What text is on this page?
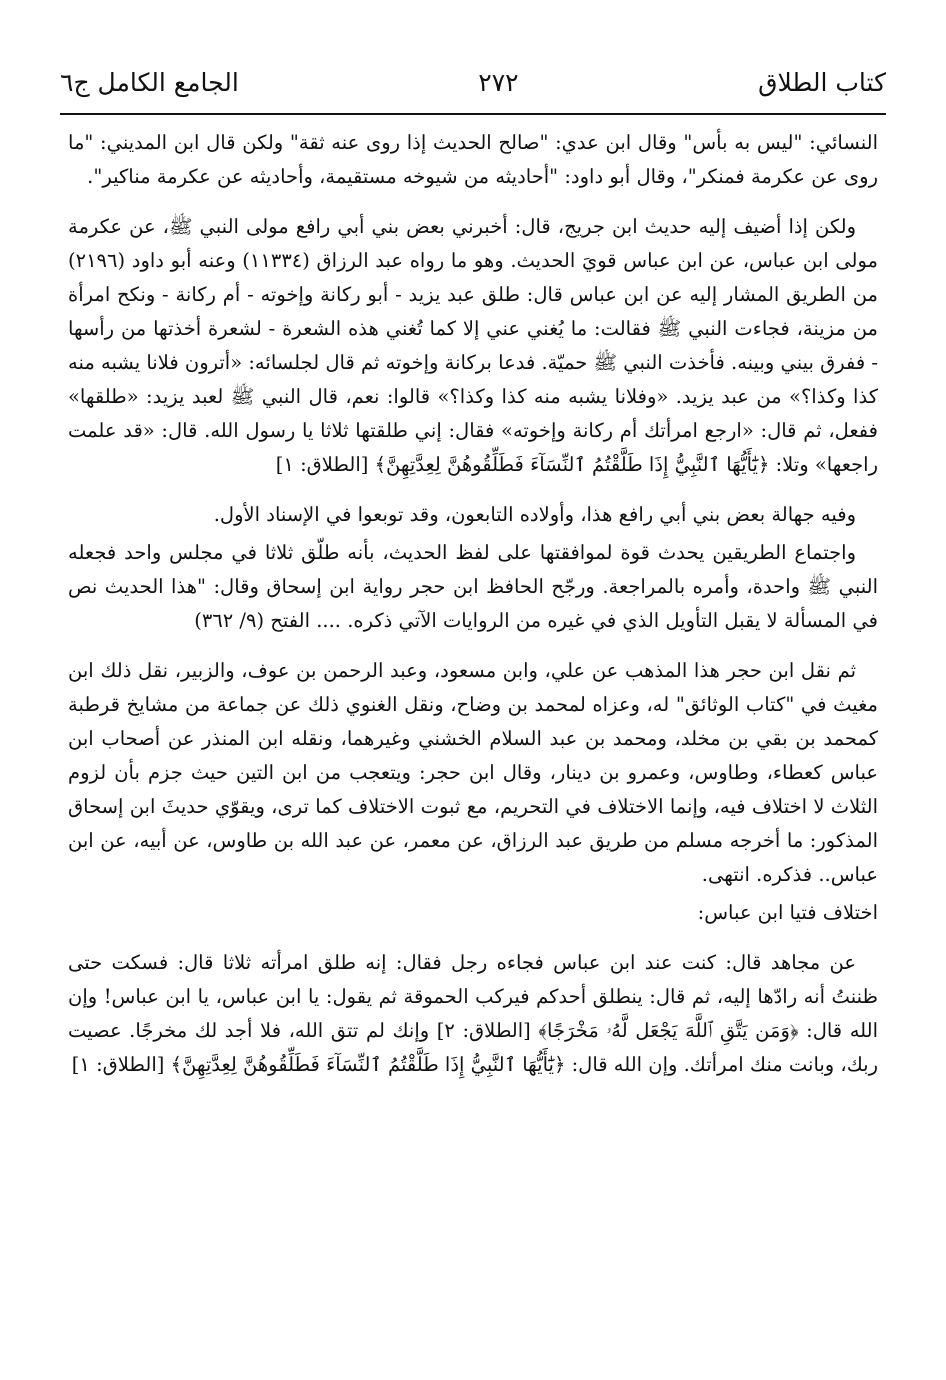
كتاب الطلاق
٢٧٢
الجامع الكامل ج٦

النسائي: "ليس به بأس" وقال ابن عدي: "صالح الحديث إذا روى عنه ثقة" ولكن قال ابن المديني: "ما روى عن عكرمة فمنكر"، وقال أبو داود: "أحاديثه من شيوخه مستقيمة، وأحاديثه عن عكرمة مناكير".

ولكن إذا أضيف إليه حديث ابن جريج، قال: أخبرني بعض بني أبي رافع مولى النبي ﷺ، عن عكرمة مولى ابن عباس، عن ابن عباس قويَ الحديث. وهو ما رواه عبد الرزاق (١١٣٣٤) وعنه أبو داود (٢١٩٦) من الطريق المشار إليه عن ابن عباس قال: طلق عبد يزيد - أبو ركانة وإخوته - أم ركانة - ونكح امرأة من مزينة، فجاءت النبي ﷺ فقالت: ما يُغني عني إلا كما تُغني هذه الشعرة - لشعرة أخذتها من رأسها - ففرق بيني وبينه. فأخذت النبي ﷺ حميّة. فدعا بركانة وإخوته ثم قال لجلسائه: «أترون فلانا يشبه منه كذا وكذا؟» من عبد يزيد. «وفلانا يشبه منه كذا وكذا؟» قالوا: نعم، قال النبي ﷺ لعبد يزيد: «طلقها» ففعل، ثم قال: «ارجع امرأتك أم ركانة وإخوته» فقال: إني طلقتها ثلاثا يا رسول الله. قال: «قد علمت راجعها» وتلا: ﴿يَٰٓأَيُّهَا ٱلنَّبِيُّ إِذَا طَلَّقْتُمُ ٱلنِّسَآءَ فَطَلِّقُوهُنَّ لِعِدَّتِهِنَّ﴾ [الطلاق: ١]

وفيه جهالة بعض بني أبي رافع هذا، وأولاده التابعون، وقد توبعوا في الإسناد الأول.

واجتماع الطريقين يحدث قوة لموافقتها على لفظ الحديث، بأنه طلّق ثلاثا في مجلس واحد فجعله النبي ﷺ واحدة، وأمره بالمراجعة. ورجّح الحافظ ابن حجر رواية ابن إسحاق وقال: "هذا الحديث نص في المسألة لا يقبل التأويل الذي في غيره من الروايات الآتي ذكره. .... الفتح (٩/ ٣٦٢)

ثم نقل ابن حجر هذا المذهب عن علي، وابن مسعود، وعبد الرحمن بن عوف، والزبير، نقل ذلك ابن مغيث في "كتاب الوثائق" له، وعزاه لمحمد بن وضاح، ونقل الغنوي ذلك عن جماعة من مشايخ قرطبة كمحمد بن بقي بن مخلد، ومحمد بن عبد السلام الخشني وغيرهما، ونقله ابن المنذر عن أصحاب ابن عباس كعطاء، وطاوس، وعمرو بن دينار، وقال ابن حجر: ويتعجب من ابن التين حيث جزم بأن لزوم الثلاث لا اختلاف فيه، وإنما الاختلاف في التحريم، مع ثبوت الاختلاف كما ترى، ويقوّي حديثَ ابن إسحاق المذكور: ما أخرجه مسلم من طريق عبد الرزاق، عن معمر، عن عبد الله بن طاوس، عن أبيه، عن ابن عباس.. فذكره. انتهى.

اختلاف فتيا ابن عباس:

عن مجاهد قال: كنت عند ابن عباس فجاءه رجل فقال: إنه طلق امرأته ثلاثا قال: فسكت حتى ظننتُ أنه رادّها إليه، ثم قال: ينطلق أحدكم فيركب الحموقة ثم يقول: يا ابن عباس، يا ابن عباس! وإن الله قال: ﴿وَمَن يَتَّقِ ٱللَّهَ يَجْعَل لَّهُۥ مَخْرَجًا﴾ [الطلاق: ٢] وإنك لم تتق الله، فلا أجد لك مخرجًا. عصيت ربك، وبانت منك امرأتك. وإن الله قال: ﴿يَٰٓأَيُّهَا ٱلنَّبِيُّ إِذَا طَلَّقْتُمُ ٱلنِّسَآءَ فَطَلِّقُوهُنَّ لِعِدَّتِهِنَّ﴾ [الطلاق: ١]
